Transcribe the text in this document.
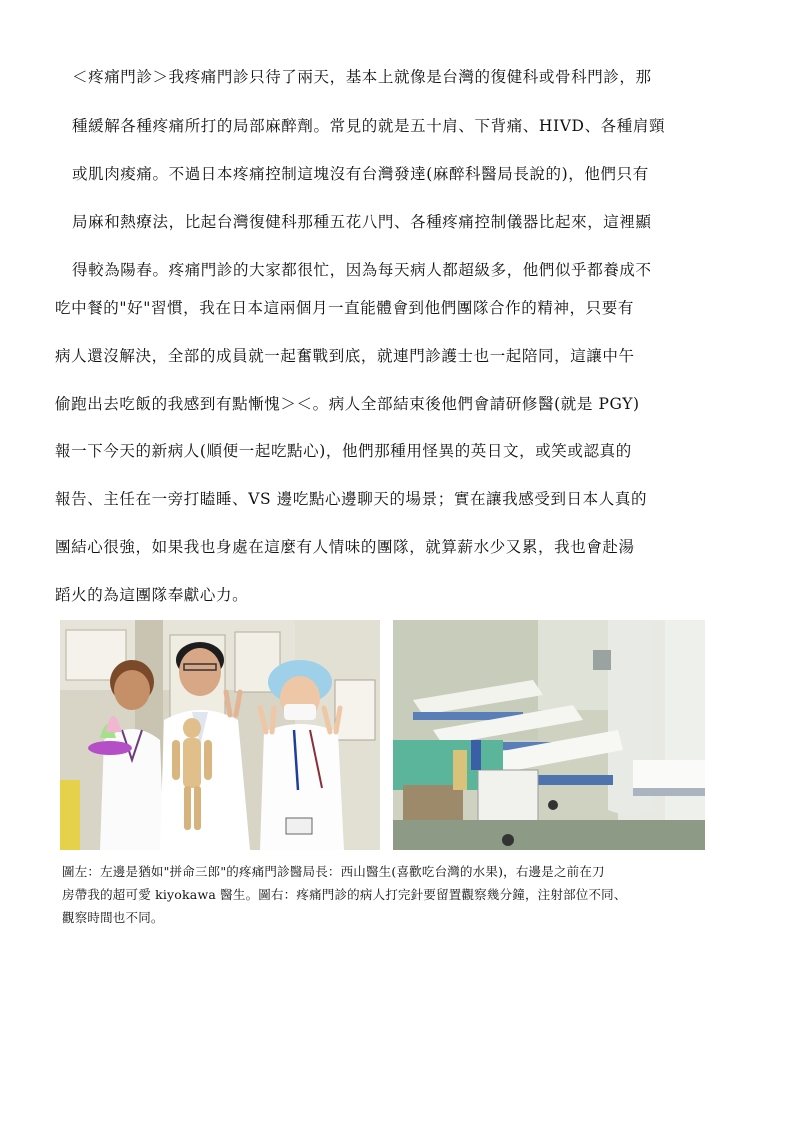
＜疼痛門診＞我疼痛門診只待了兩天，基本上就像是台灣的復健科或骨科門診，那
種緩解各種疼痛所打的局部麻醉劑。常見的就是五十肩、下背痛、HIVD、各種肩頸
或肌肉痠痛。不過日本疼痛控制這塊沒有台灣發達(麻醉科醫局長說的)，他們只有
局麻和熱療法，比起台灣復健科那種五花八門、各種疼痛控制儀器比起來，這裡顯
得較為陽春。疼痛門診的大家都很忙，因為每天病人都超級多，他們似乎都養成不
吃中餐的"好"習慣，我在日本這兩個月一直能體會到他們團隊合作的精神，只要有
病人還沒解決，全部的成員就一起奮戰到底，就連門診護士也一起陪同，這讓中午
偷跑出去吃飯的我感到有點慚愧＞＜。病人全部結束後他們會請研修醫(就是 PGY)
報一下今天的新病人(順便一起吃點心)，他們那種用怪異的英日文，或笑或認真的
報告、主任在一旁打瞌睡、VS 邊吃點心邊聊天的場景；實在讓我感受到日本人真的
團結心很強，如果我也身處在這麼有人情味的團隊，就算薪水少又累，我也會赴湯
蹈火的為這團隊奉獻心力。
圖左：左邊是猶如"拼命三郎"的疼痛門診醫局長：西山醫生(喜歡吃台灣的水果)，右邊是之前在刀
房帶我的超可愛 kiyokawa 醫生。圖右：疼痛門診的病人打完針要留置觀察幾分鐘，注射部位不同、
觀察時間也不同。
